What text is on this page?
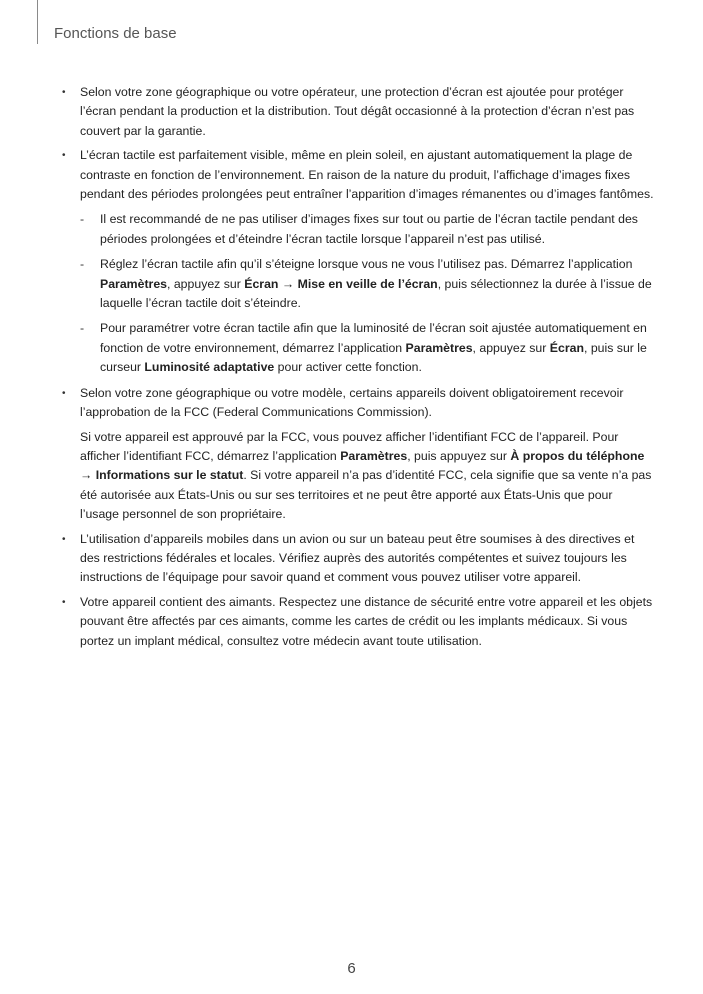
Fonctions de base
•	Selon votre zone géographique ou votre opérateur, une protection d’écran est ajoutée pour protéger l’écran pendant la production et la distribution. Tout dégât occasionné à la protection d’écran n’est pas couvert par la garantie.
•	L’écran tactile est parfaitement visible, même en plein soleil, en ajustant automatiquement la plage de contraste en fonction de l’environnement. En raison de la nature du produit, l’affichage d’images fixes pendant des périodes prolongées peut entraîner l’apparition d’images rémanentes ou d’images fantômes.
-	Il est recommandé de ne pas utiliser d’images fixes sur tout ou partie de l’écran tactile pendant des périodes prolongées et d’éteindre l’écran tactile lorsque l’appareil n’est pas utilisé.
-	Réglez l’écran tactile afin qu’il s’éteigne lorsque vous ne vous l’utilisez pas. Démarrez l’application Paramètres, appuyez sur Écran → Mise en veille de l’écran, puis sélectionnez la durée à l’issue de laquelle l’écran tactile doit s’éteindre.
-	Pour paramétrer votre écran tactile afin que la luminosité de l’écran soit ajustée automatiquement en fonction de votre environnement, démarrez l’application Paramètres, appuyez sur Écran, puis sur le curseur Luminosité adaptative pour activer cette fonction.
•	Selon votre zone géographique ou votre modèle, certains appareils doivent obligatoirement recevoir l’approbation de la FCC (Federal Communications Commission).
Si votre appareil est approuvé par la FCC, vous pouvez afficher l’identifiant FCC de l’appareil. Pour afficher l’identifiant FCC, démarrez l’application Paramètres, puis appuyez sur À propos du téléphone → Informations sur le statut. Si votre appareil n’a pas d’identité FCC, cela signifie que sa vente n’a pas été autorisée aux États-Unis ou sur ses territoires et ne peut être apporté aux États-Unis que pour l’usage personnel de son propriétaire.
•	L’utilisation d’appareils mobiles dans un avion ou sur un bateau peut être soumises à des directives et des restrictions fédérales et locales. Vérifiez auprès des autorités compétentes et suivez toujours les instructions de l’équipage pour savoir quand et comment vous pouvez utiliser votre appareil.
•	Votre appareil contient des aimants. Respectez une distance de sécurité entre votre appareil et les objets pouvant être affectés par ces aimants, comme les cartes de crédit ou les implants médicaux. Si vous portez un implant médical, consultez votre médecin avant toute utilisation.
6
